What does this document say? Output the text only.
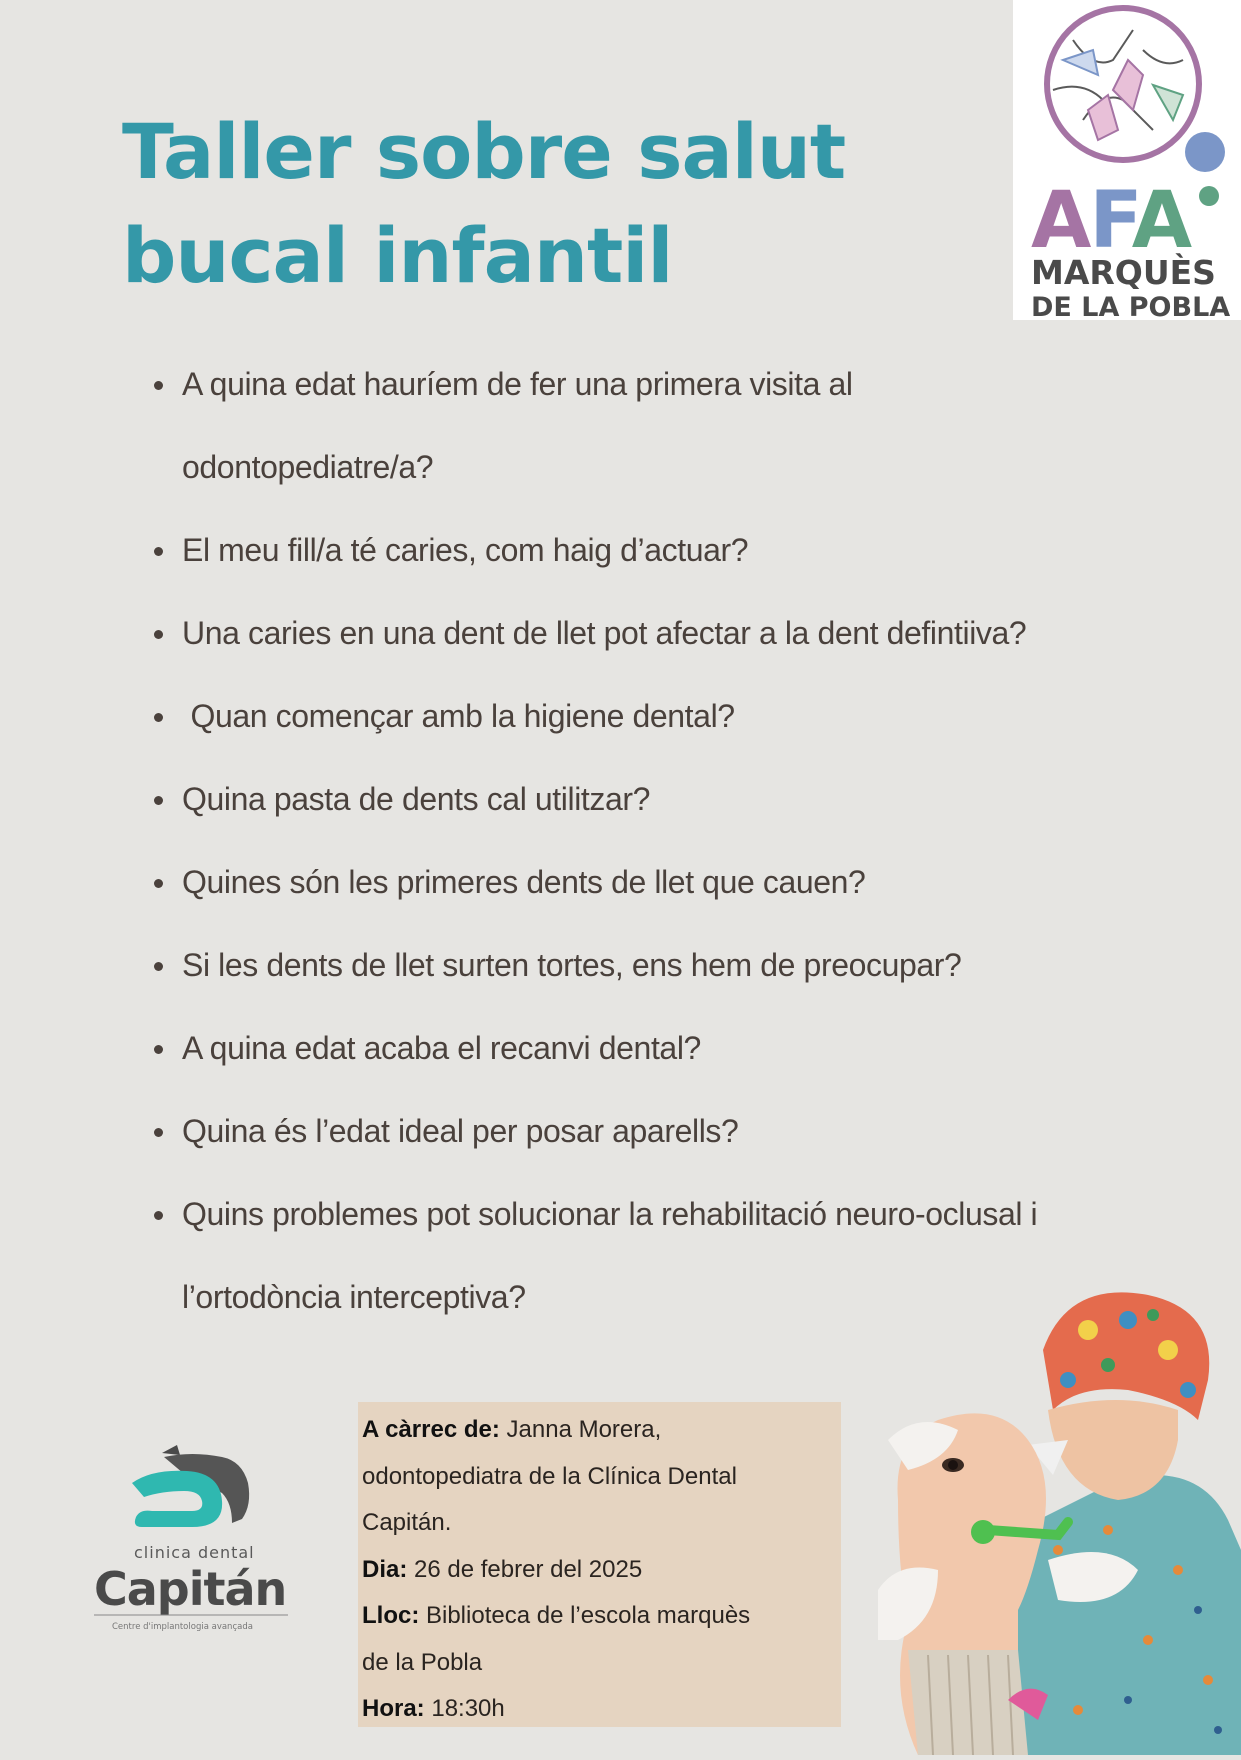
Taller sobre salut
bucal infantil	AFA
MARQUÈS
DE LA POBLA
A quina edat hauríem de fer una primera visita al
odontopediatre/a?
El meu fill/a té caries, com haig d’actuar?
Una caries en una dent de llet pot afectar a la dent defintiiva?
Quan començar amb la higiene dental?
Quina pasta de dents cal utilitzar?
Quines són les primeres dents de llet que cauen?
Si les dents de llet surten tortes, ens hem de preocupar?
A quina edat acaba el recanvi dental?
Quina és l’edat ideal per posar aparells?
Quins problemes pot solucionar la rehabilitació neuro-oclusal i
l’ortodòncia interceptiva?
clinica dental
Capitán
Centre d'implantologia avançada
A càrrec de: Janna Morera,
odontopediatra de la Clínica Dental
Capitán.
Dia: 26 de febrer del 2025
Lloc: Biblioteca de l’escola marquès
de la Pobla
Hora: 18:30h
